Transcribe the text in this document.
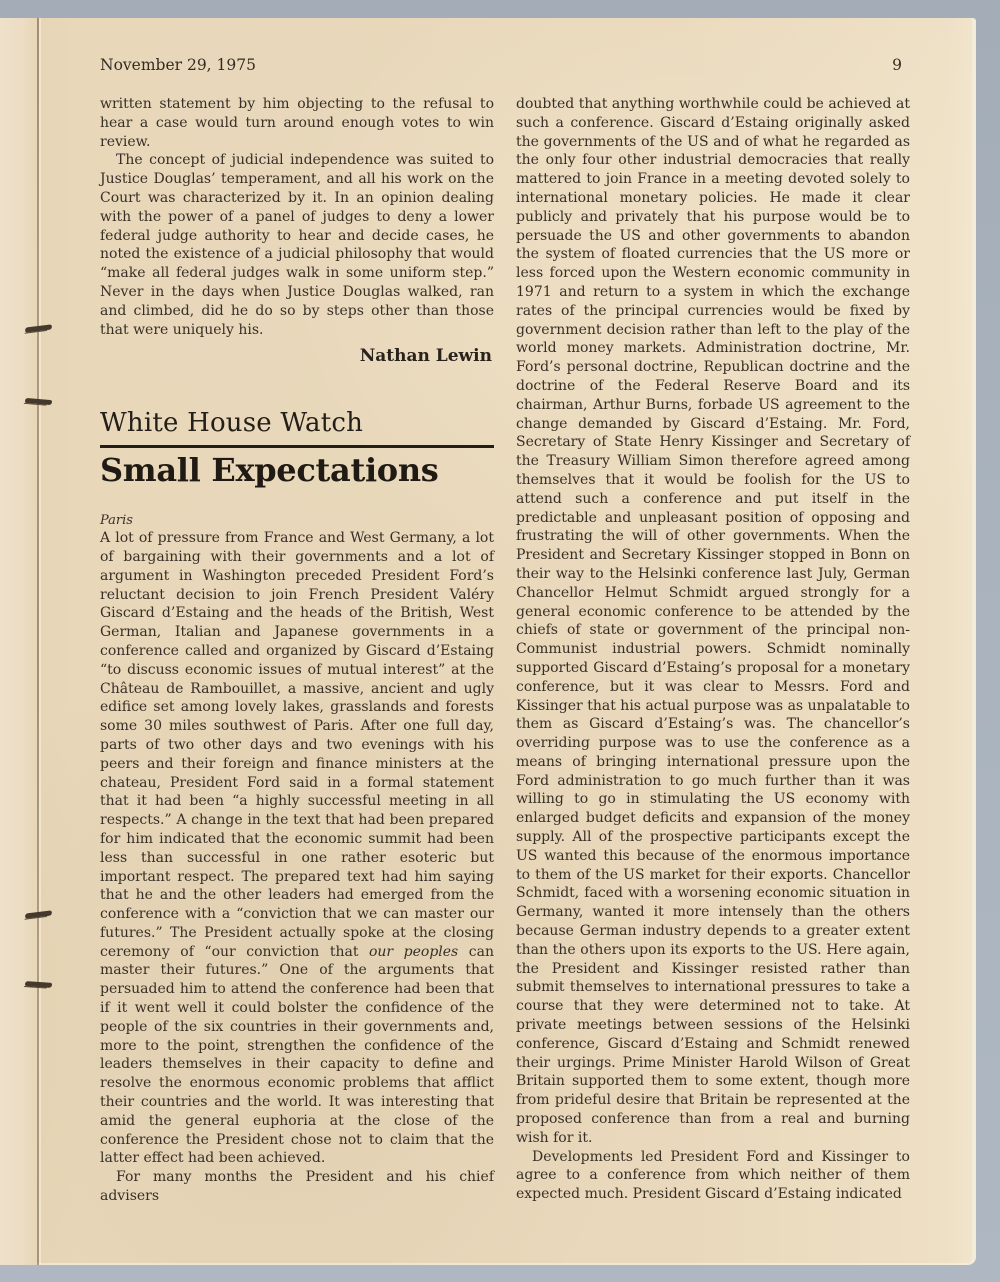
November 29, 1975	9

written statement by him objecting to the refusal to hear a case would turn around enough votes to win review.

The concept of judicial independence was suited to Justice Douglas’ temperament, and all his work on the Court was characterized by it. In an opinion dealing with the power of a panel of judges to deny a lower federal judge authority to hear and decide cases, he noted the existence of a judicial philosophy that would “make all federal judges walk in some uniform step.” Never in the days when Justice Douglas walked, ran and climbed, did he do so by steps other than those that were uniquely his.

Nathan Lewin
White House Watch
Small Expectations
Paris

A lot of pressure from France and West Germany, a lot of bargaining with their governments and a lot of argument in Washington preceded President Ford’s reluctant decision to join French President Valéry Giscard d’Estaing and the heads of the British, West German, Italian and Japanese governments in a conference called and organized by Giscard d’Estaing “to discuss economic issues of mutual interest” at the Château de Rambouillet, a massive, ancient and ugly edifice set among lovely lakes, grasslands and forests some 30 miles southwest of Paris. After one full day, parts of two other days and two evenings with his peers and their foreign and finance ministers at the chateau, President Ford said in a formal statement that it had been “a highly successful meeting in all respects.” A change in the text that had been prepared for him indicated that the economic summit had been less than successful in one rather esoteric but important respect. The prepared text had him saying that he and the other leaders had emerged from the conference with a “conviction that we can master our futures.” The President actually spoke at the closing ceremony of “our conviction that our peoples can master their futures.” One of the arguments that persuaded him to attend the conference had been that if it went well it could bolster the confidence of the people of the six countries in their governments and, more to the point, strengthen the confidence of the leaders themselves in their capacity to define and resolve the enormous economic problems that afflict their countries and the world. It was interesting that amid the general euphoria at the close of the conference the President chose not to claim that the latter effect had been achieved.

For many months the President and his chief advisers

doubted that anything worthwhile could be achieved at such a conference. Giscard d’Estaing originally asked the governments of the US and of what he regarded as the only four other industrial democracies that really mattered to join France in a meeting devoted solely to international monetary policies. He made it clear publicly and privately that his purpose would be to persuade the US and other governments to abandon the system of floated currencies that the US more or less forced upon the Western economic community in 1971 and return to a system in which the exchange rates of the principal currencies would be fixed by government decision rather than left to the play of the world money markets. Administration doctrine, Mr. Ford’s personal doctrine, Republican doctrine and the doctrine of the Federal Reserve Board and its chairman, Arthur Burns, forbade US agreement to the change demanded by Giscard d’Estaing. Mr. Ford, Secretary of State Henry Kissinger and Secretary of the Treasury William Simon therefore agreed among themselves that it would be foolish for the US to attend such a conference and put itself in the predictable and unpleasant position of opposing and frustrating the will of other governments. When the President and Secretary Kissinger stopped in Bonn on their way to the Helsinki conference last July, German Chancellor Helmut Schmidt argued strongly for a general economic conference to be attended by the chiefs of state or government of the principal non-Communist industrial powers. Schmidt nominally supported Giscard d’Estaing’s proposal for a monetary conference, but it was clear to Messrs. Ford and Kissinger that his actual purpose was as unpalatable to them as Giscard d’Estaing’s was. The chancellor’s overriding purpose was to use the conference as a means of bringing international pressure upon the Ford administration to go much further than it was willing to go in stimulating the US economy with enlarged budget deficits and expansion of the money supply. All of the prospective participants except the US wanted this because of the enormous importance to them of the US market for their exports. Chancellor Schmidt, faced with a worsening economic situation in Germany, wanted it more intensely than the others because German industry depends to a greater extent than the others upon its exports to the US. Here again, the President and Kissinger resisted rather than submit themselves to international pressures to take a course that they were determined not to take. At private meetings between sessions of the Helsinki conference, Giscard d’Estaing and Schmidt renewed their urgings. Prime Minister Harold Wilson of Great Britain supported them to some extent, though more from prideful desire that Britain be represented at the proposed conference than from a real and burning wish for it.

Developments led President Ford and Kissinger to agree to a conference from which neither of them expected much. President Giscard d’Estaing indicated
